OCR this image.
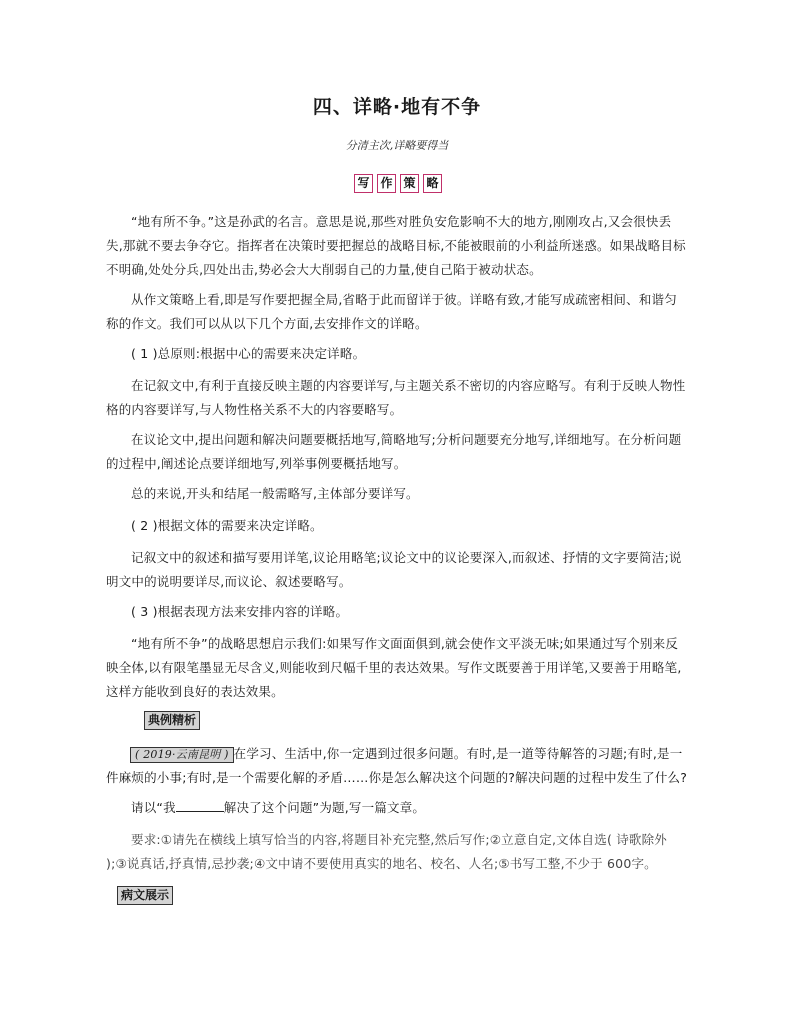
四、详略·地有不争
分清主次,详略要得当
写 作 策 略

“地有所不争。”这是孙武的名言。意思是说,那些对胜负安危影响不大的地方,刚刚攻占,又会很快丢失,那就不要去争夺它。指挥者在决策时要把握总的战略目标,不能被眼前的小利益所迷惑。如果战略目标不明确,处处分兵,四处出击,势必会大大削弱自己的力量,使自己陷于被动状态。

从作文策略上看,即是写作要把握全局,省略于此而留详于彼。详略有致,才能写成疏密相间、和谐匀称的作文。我们可以从以下几个方面,去安排作文的详略。

( 1 )总原则:根据中心的需要来决定详略。

在记叙文中,有利于直接反映主题的内容要详写,与主题关系不密切的内容应略写。有利于反映人物性格的内容要详写,与人物性格关系不大的内容要略写。

在议论文中,提出问题和解决问题要概括地写,简略地写;分析问题要充分地写,详细地写。在分析问题的过程中,阐述论点要详细地写,列举事例要概括地写。

总的来说,开头和结尾一般需略写,主体部分要详写。

( 2 )根据文体的需要来决定详略。

记叙文中的叙述和描写要用详笔,议论用略笔;议论文中的议论要深入,而叙述、抒情的文字要简洁;说明文中的说明要详尽,而议论、叙述要略写。

( 3 )根据表现方法来安排内容的详略。

“地有所不争”的战略思想启示我们:如果写作文面面俱到,就会使作文平淡无味;如果通过写个别来反映全体,以有限笔墨显无尽含义,则能收到尺幅千里的表达效果。写作文既要善于用详笔,又要善于用略笔,这样方能收到良好的表达效果。

典例精析

( 2019·云南昆明 ) 在学习、生活中,你一定遇到过很多问题。有时,是一道等待解答的习题;有时,是一件麻烦的小事;有时,是一个需要化解的矛盾……你是怎么解决这个问题的?解决问题的过程中发生了什么?

请以“我	解决了这个问题”为题,写一篇文章。

要求:①请先在横线上填写恰当的内容,将题目补充完整,然后写作;②立意自定,文体自选( 诗歌除外 );③说真话,抒真情,忌抄袭;④文中请不要使用真实的地名、校名、人名;⑤书写工整,不少于 600字。

病文展示
